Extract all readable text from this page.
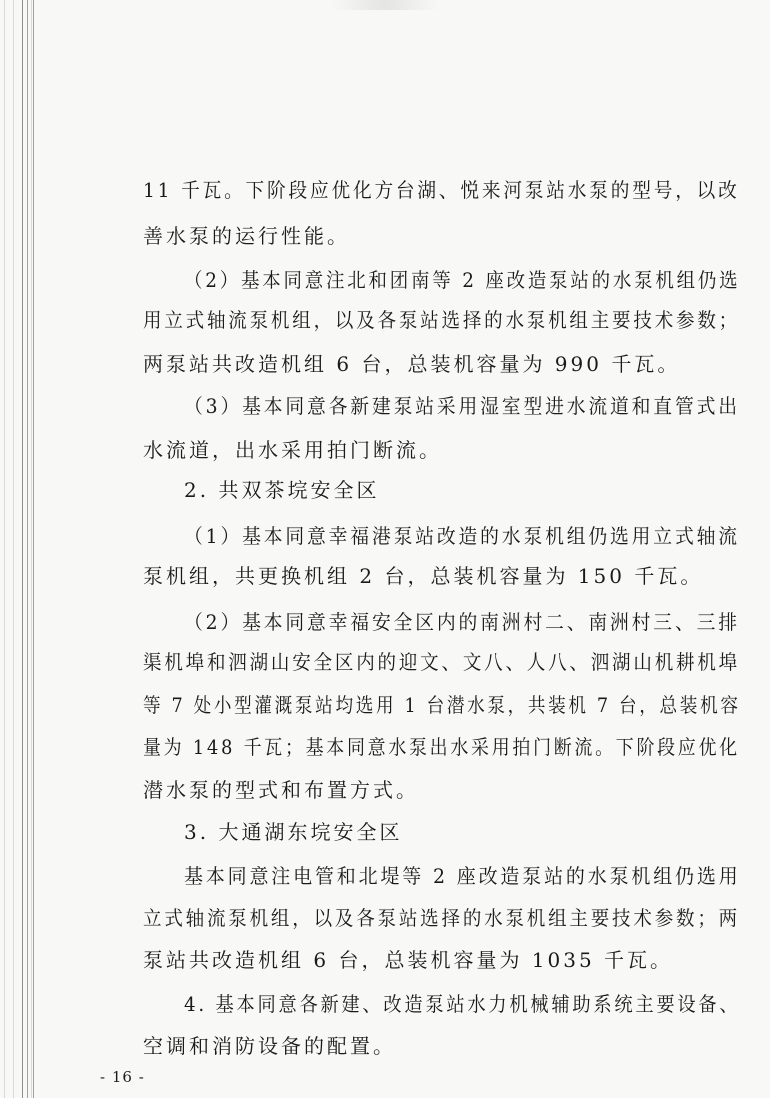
11 千瓦。下阶段应优化方台湖、悦来河泵站水泵的型号，以改
善水泵的运行性能。
（2）基本同意注北和团南等 2 座改造泵站的水泵机组仍选
用立式轴流泵机组，以及各泵站选择的水泵机组主要技术参数；
两泵站共改造机组 6 台，总装机容量为 990 千瓦。
（3）基本同意各新建泵站采用湿室型进水流道和直管式出
水流道，出水采用拍门断流。
2. 共双茶垸安全区
（1）基本同意幸福港泵站改造的水泵机组仍选用立式轴流
泵机组，共更换机组 2 台，总装机容量为 150 千瓦。
（2）基本同意幸福安全区内的南洲村二、南洲村三、三排
渠机埠和泗湖山安全区内的迎文、文八、人八、泗湖山机耕机埠
等 7 处小型灌溉泵站均选用 1 台潜水泵，共装机 7 台，总装机容
量为 148 千瓦；基本同意水泵出水采用拍门断流。下阶段应优化
潜水泵的型式和布置方式。
3. 大通湖东垸安全区
基本同意注电管和北堤等 2 座改造泵站的水泵机组仍选用
立式轴流泵机组，以及各泵站选择的水泵机组主要技术参数；两
泵站共改造机组 6 台，总装机容量为 1035 千瓦。
4. 基本同意各新建、改造泵站水力机械辅助系统主要设备、
空调和消防设备的配置。
- 16 -
